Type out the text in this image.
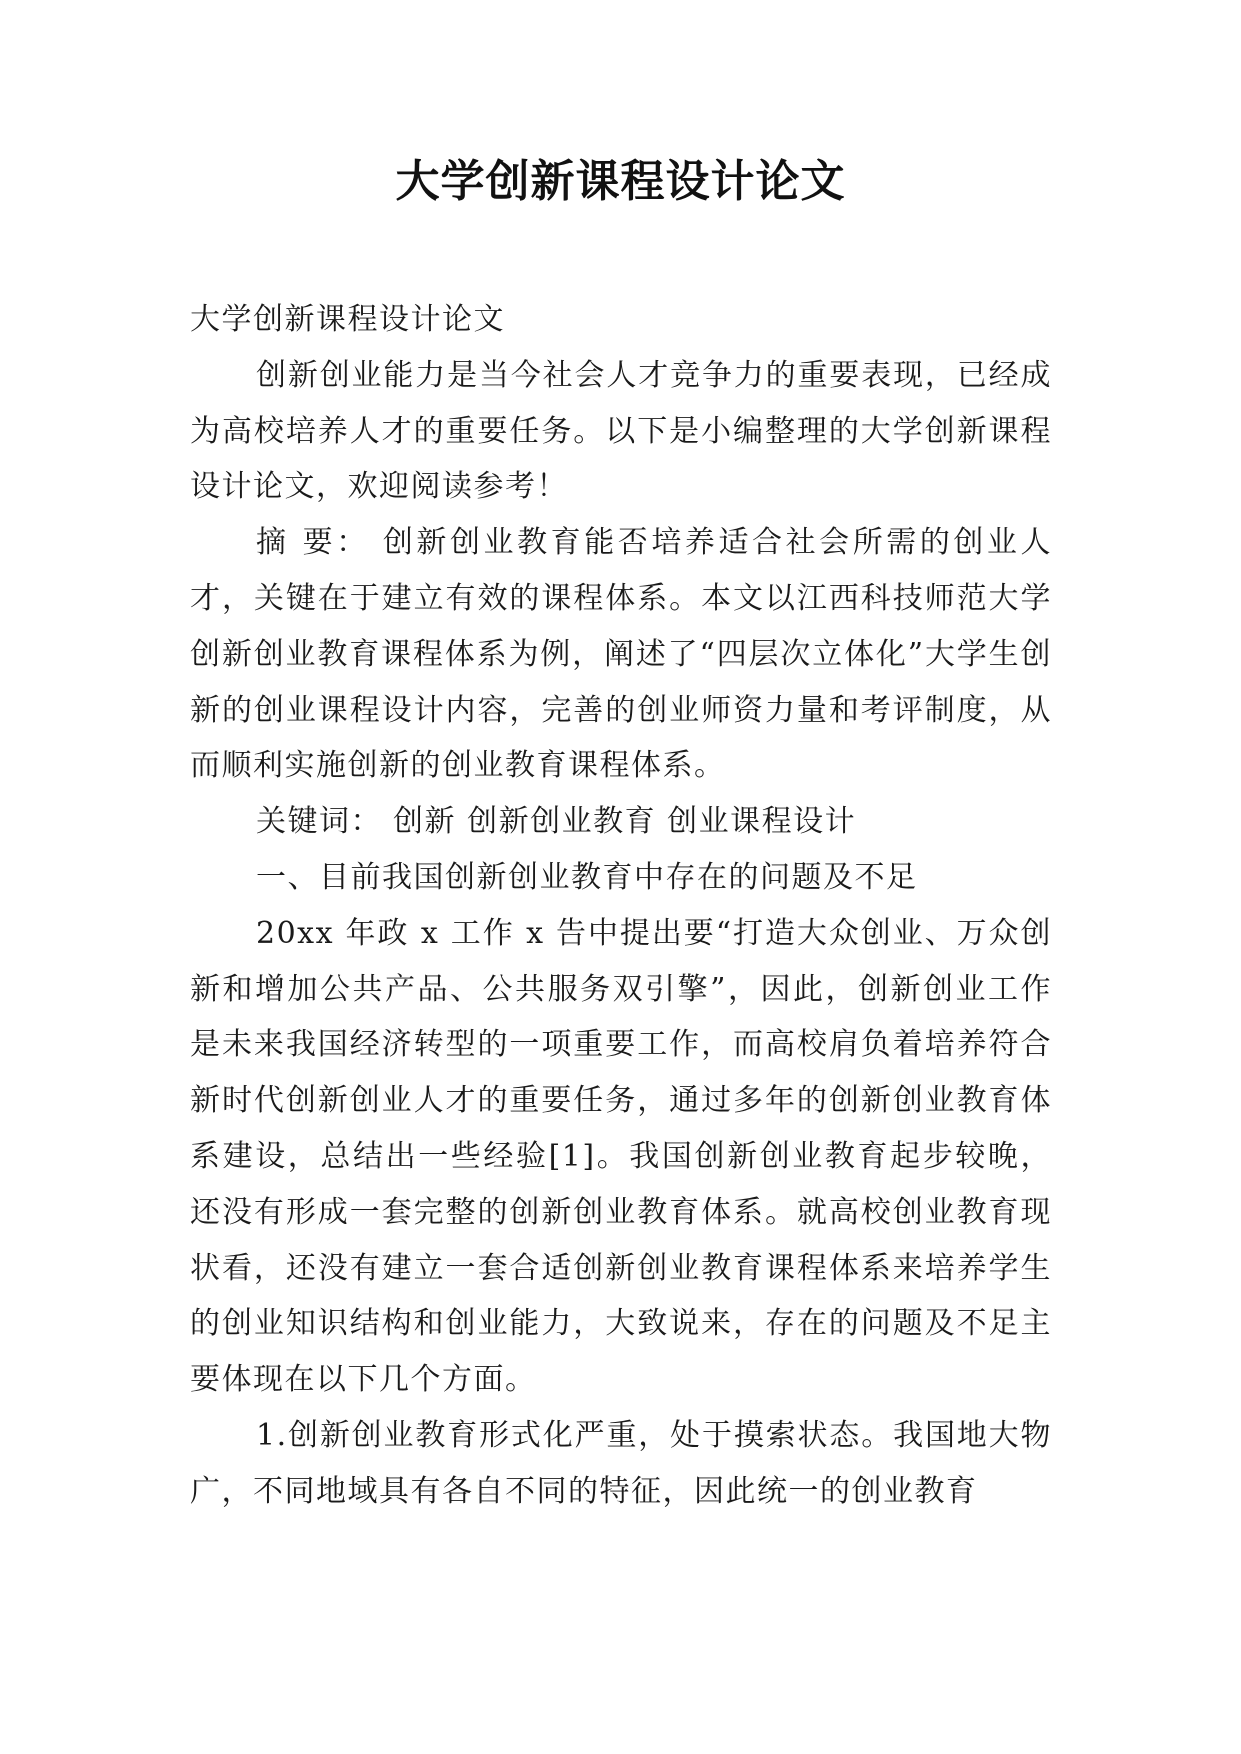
大学创新课程设计论文

大学创新课程设计论文

创新创业能力是当今社会人才竞争力的重要表现，已经成为高校培养人才的重要任务。以下是小编整理的大学创新课程设计论文，欢迎阅读参考！

摘 要： 创新创业教育能否培养适合社会所需的创业人才，关键在于建立有效的课程体系。本文以江西科技师范大学创新创业教育课程体系为例，阐述了“四层次立体化”大学生创新的创业课程设计内容，完善的创业师资力量和考评制度，从而顺利实施创新的创业教育课程体系。

关键词： 创新 创新创业教育 创业课程设计

一、目前我国创新创业教育中存在的问题及不足

20xx 年政 x 工作 x 告中提出要“打造大众创业、万众创新和增加公共产品、公共服务双引擎”，因此，创新创业工作是未来我国经济转型的一项重要工作，而高校肩负着培养符合新时代创新创业人才的重要任务，通过多年的创新创业教育体系建设，总结出一些经验[1]。我国创新创业教育起步较晚，还没有形成一套完整的创新创业教育体系。就高校创业教育现状看，还没有建立一套合适创新创业教育课程体系来培养学生的创业知识结构和创业能力，大致说来，存在的问题及不足主要体现在以下几个方面。

1.创新创业教育形式化严重，处于摸索状态。我国地大物广，不同地域具有各自不同的特征，因此统一的创业教育
